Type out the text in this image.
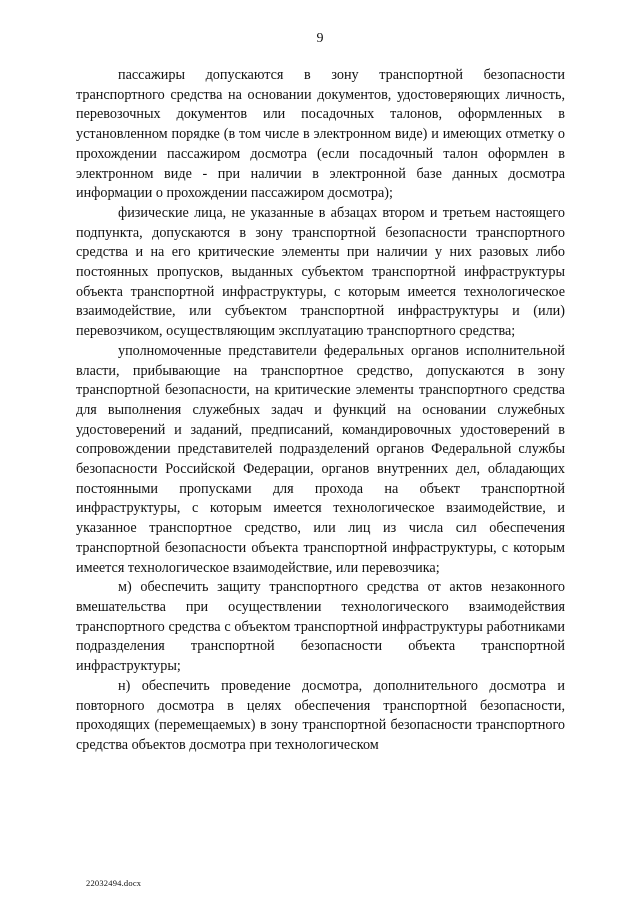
9

пассажиры допускаются в зону транспортной безопасности транспортного средства на основании документов, удостоверяющих личность, перевозочных документов или посадочных талонов, оформленных в установленном порядке (в том числе в электронном виде) и имеющих отметку о прохождении пассажиром досмотра (если посадочный талон оформлен в электронном виде - при наличии в электронной базе данных досмотра информации о прохождении пассажиром досмотра);

физические лица, не указанные в абзацах втором и третьем настоящего подпункта, допускаются в зону транспортной безопасности транспортного средства и на его критические элементы при наличии у них разовых либо постоянных пропусков, выданных субъектом транспортной инфраструктуры объекта транспортной инфраструктуры, с которым имеется технологическое взаимодействие, или субъектом транспортной инфраструктуры и (или) перевозчиком, осуществляющим эксплуатацию транспортного средства;

уполномоченные представители федеральных органов исполнительной власти, прибывающие на транспортное средство, допускаются в зону транспортной безопасности, на критические элементы транспортного средства для выполнения служебных задач и функций на основании служебных удостоверений и заданий, предписаний, командировочных удостоверений в сопровождении представителей подразделений органов Федеральной службы безопасности Российской Федерации, органов внутренних дел, обладающих постоянными пропусками для прохода на объект транспортной инфраструктуры, с которым имеется технологическое взаимодействие, и указанное транспортное средство, или лиц из числа сил обеспечения транспортной безопасности объекта транспортной инфраструктуры, с которым имеется технологическое взаимодействие, или перевозчика;

м) обеспечить защиту транспортного средства от актов незаконного вмешательства при осуществлении технологического взаимодействия транспортного средства с объектом транспортной инфраструктуры работниками подразделения транспортной безопасности объекта транспортной инфраструктуры;

н) обеспечить проведение досмотра, дополнительного досмотра и повторного досмотра в целях обеспечения транспортной безопасности, проходящих (перемещаемых) в зону транспортной безопасности транспортного средства объектов досмотра при технологическом

22032494.docx
